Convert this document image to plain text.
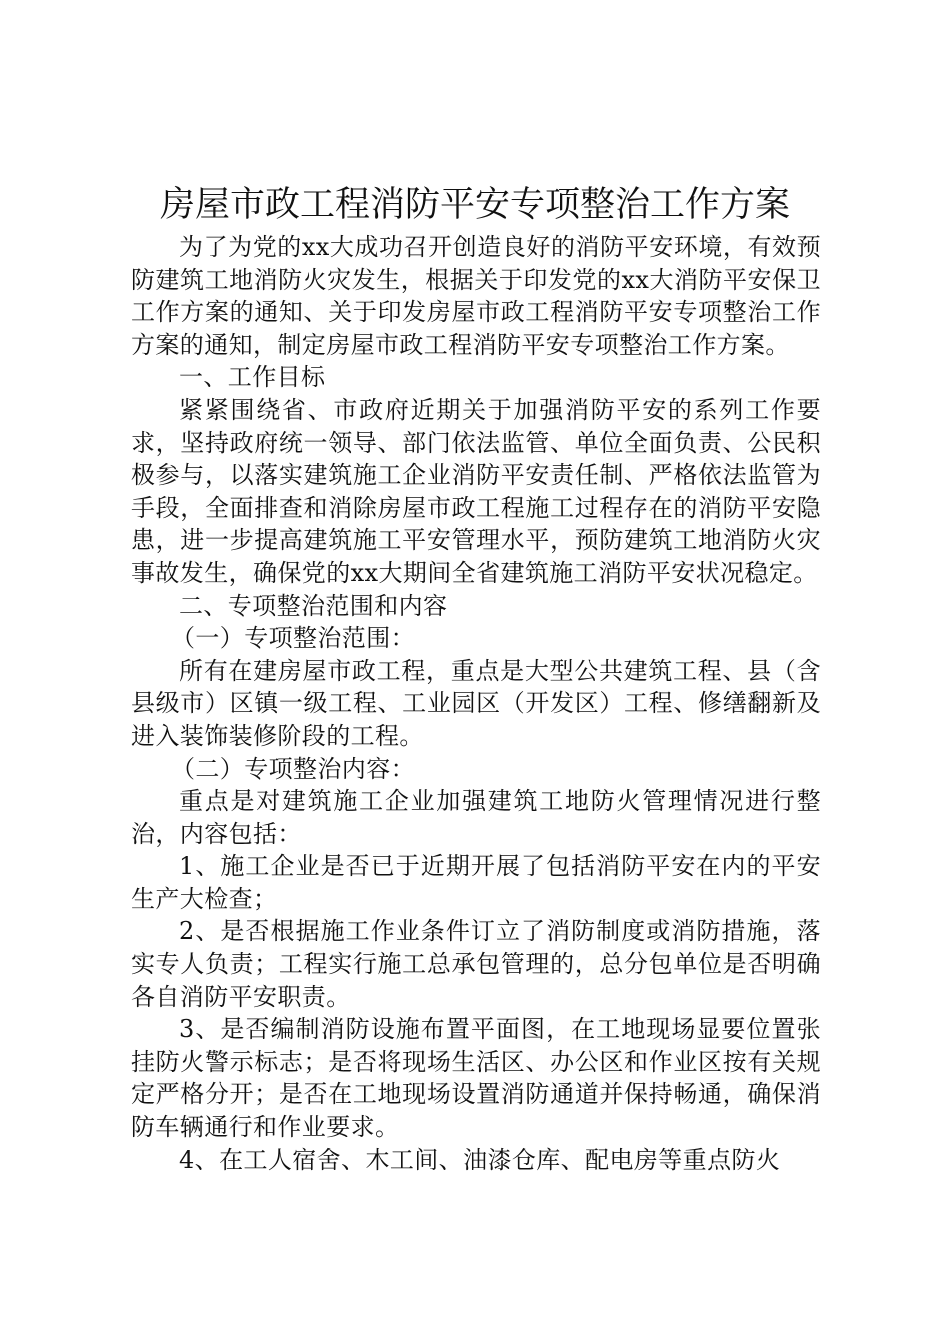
房屋市政工程消防平安专项整治工作方案

为了为党的xx大成功召开创造良好的消防平安环境，有效预防建筑工地消防火灾发生，根据关于印发党的xx大消防平安保卫工作方案的通知、关于印发房屋市政工程消防平安专项整治工作方案的通知，制定房屋市政工程消防平安专项整治工作方案。

一、工作目标

紧紧围绕省、市政府近期关于加强消防平安的系列工作要求，坚持政府统一领导、部门依法监管、单位全面负责、公民积极参与，以落实建筑施工企业消防平安责任制、严格依法监管为手段，全面排查和消除房屋市政工程施工过程存在的消防平安隐患，进一步提高建筑施工平安管理水平，预防建筑工地消防火灾事故发生，确保党的xx大期间全省建筑施工消防平安状况稳定。

二、专项整治范围和内容

（一）专项整治范围：

所有在建房屋市政工程，重点是大型公共建筑工程、县（含县级市）区镇一级工程、工业园区（开发区）工程、修缮翻新及进入装饰装修阶段的工程。

（二）专项整治内容：

重点是对建筑施工企业加强建筑工地防火管理情况进行整治，内容包括：

1、施工企业是否已于近期开展了包括消防平安在内的平安生产大检查；

2、是否根据施工作业条件订立了消防制度或消防措施，落实专人负责；工程实行施工总承包管理的，总分包单位是否明确各自消防平安职责。

3、是否编制消防设施布置平面图，在工地现场显要位置张挂防火警示标志；是否将现场生活区、办公区和作业区按有关规定严格分开；是否在工地现场设置消防通道并保持畅通，确保消防车辆通行和作业要求。

4、在工人宿舍、木工间、油漆仓库、配电房等重点防火
